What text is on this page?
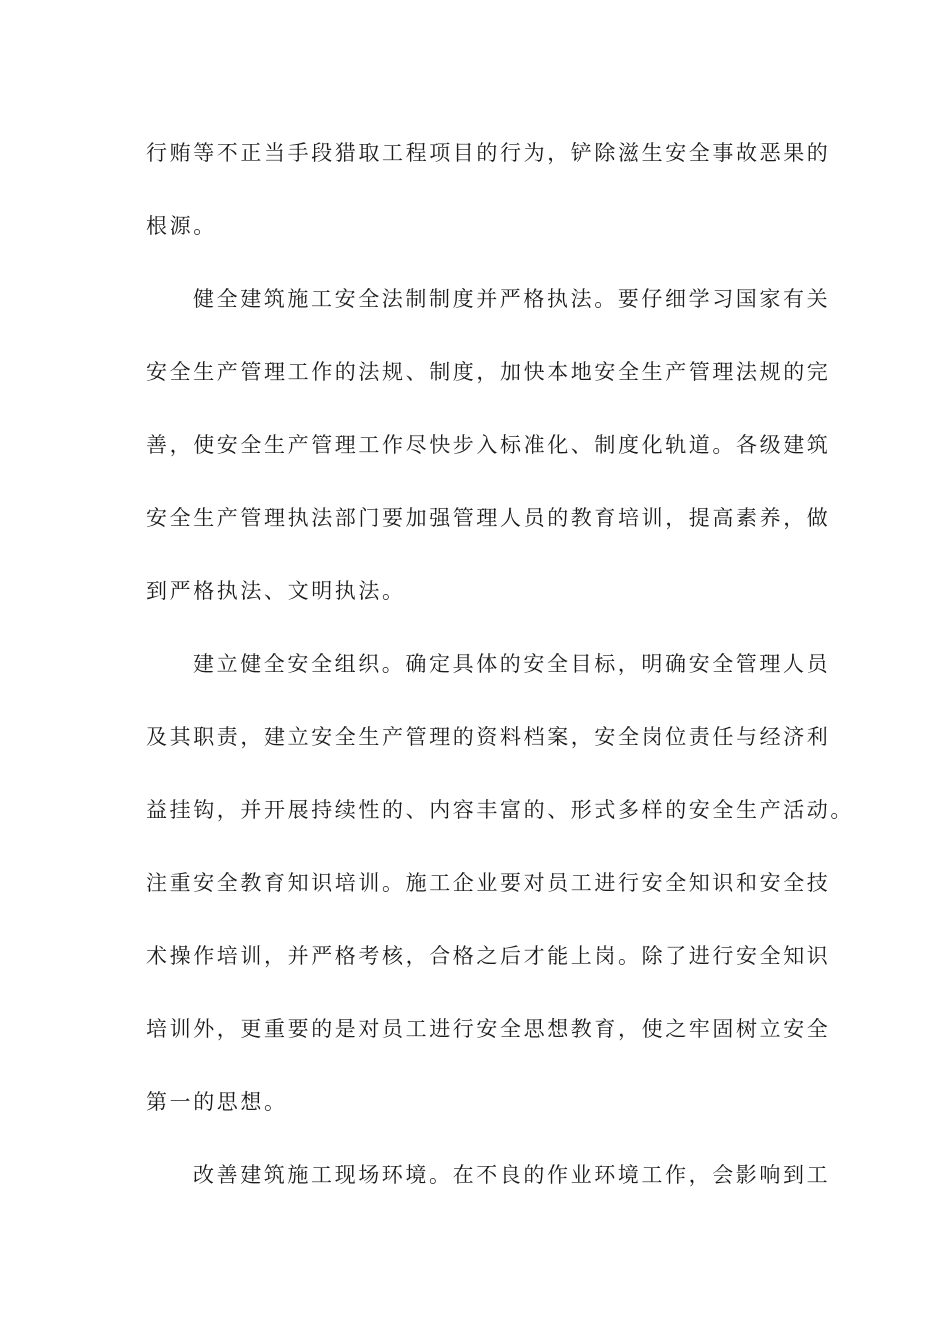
行贿等不正当手段猎取工程项目的行为，铲除滋生安全事故恶果的
根源。
健全建筑施工安全法制制度并严格执法。要仔细学习国家有关
安全生产管理工作的法规、制度，加快本地安全生产管理法规的完
善，使安全生产管理工作尽快步入标准化、制度化轨道。各级建筑
安全生产管理执法部门要加强管理人员的教育培训，提高素养，做
到严格执法、文明执法。
建立健全安全组织。确定具体的安全目标，明确安全管理人员
及其职责，建立安全生产管理的资料档案，安全岗位责任与经济利
益挂钩，并开展持续性的、内容丰富的、形式多样的安全生产活动。
注重安全教育知识培训。施工企业要对员工进行安全知识和安全技
术操作培训，并严格考核，合格之后才能上岗。除了进行安全知识
培训外，更重要的是对员工进行安全思想教育，使之牢固树立安全
第一的思想。
改善建筑施工现场环境。在不良的作业环境工作，会影响到工
